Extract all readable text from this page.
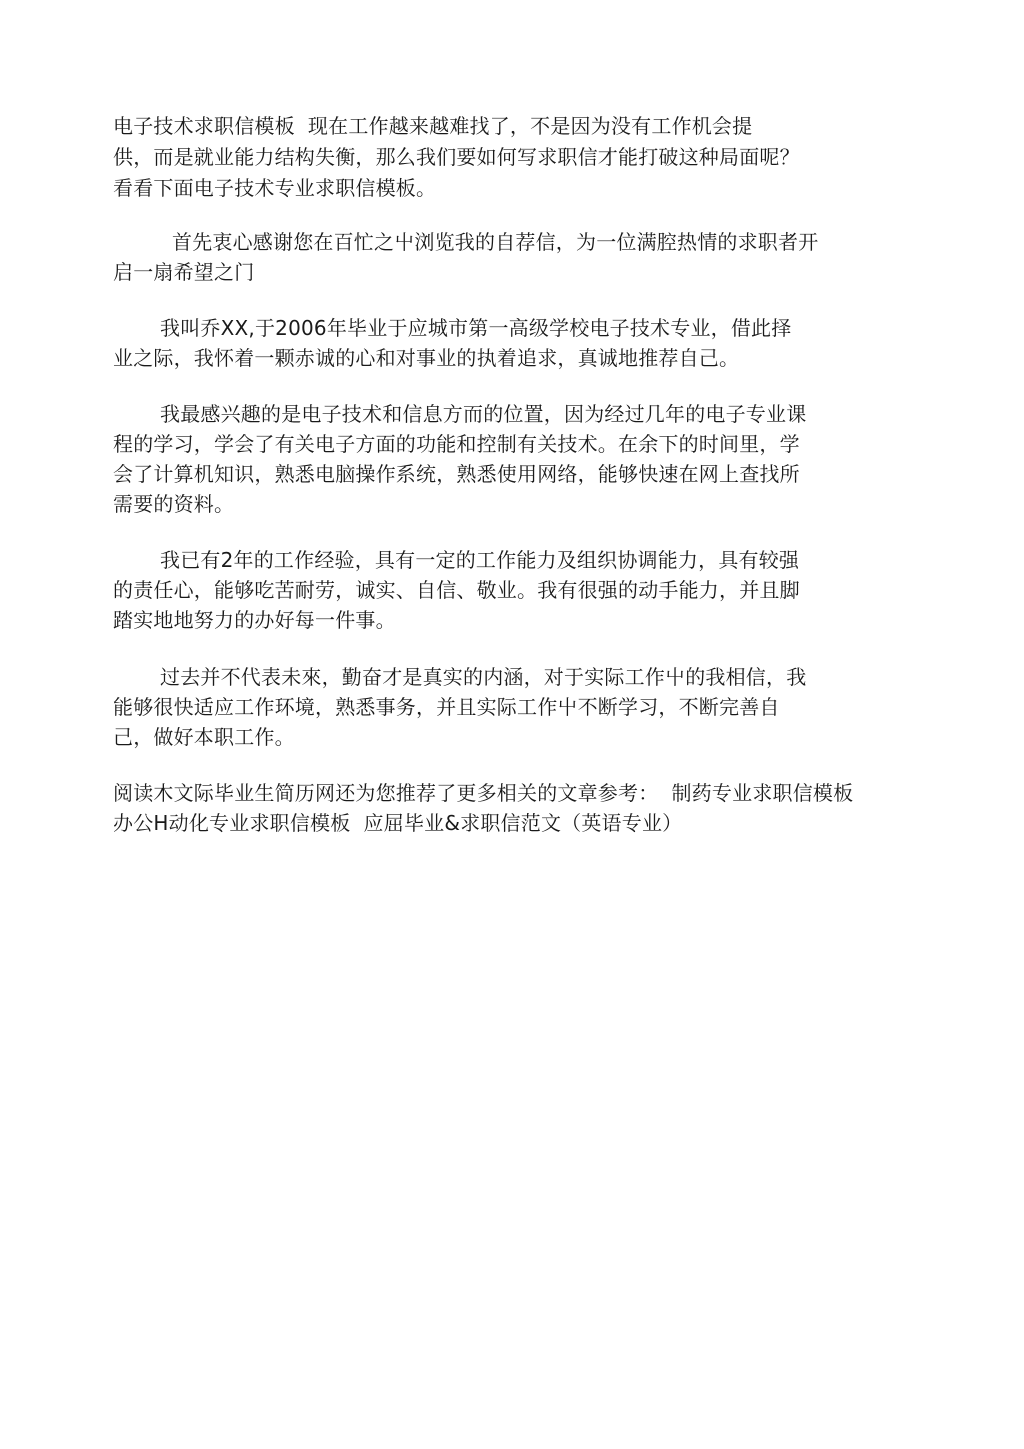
电子技术求职信模板  现在工作越来越难找了，不是因为没有工作机会提
供，而是就业能力结构失衡，那么我们要如何写求职信才能打破这种局面呢？
看看下面电子技术专业求职信模板。
首先衷心感谢您在百忙之屮浏览我的自荐信，为一位满腔热情的求职者开
启一扇希望之门
我叫乔XX,于2006年毕业于应城市第一高级学校电子技术专业，借此择
业之际，我怀着一颗赤诚的心和对事业的执着追求，真诚地推荐自己。
我最感兴趣的是电子技术和信息方而的位置，因为经过几年的电子专业课
程的学习，学会了有关电子方面的功能和控制有关技术。在余下的时间里，学
会了计算机知识，熟悉电脑操作系统，熟悉使用网络，能够快速在网上查找所
需要的资料。
我已有2年的工作经验，具有一定的工作能力及组织协调能力，具有较强
的责任心，能够吃苦耐劳，诚实、自信、敬业。我有很强的动手能力，并且脚
踏实地地努力的办好每一件事。
过去并不代表未來，勤奋才是真实的内涵，对于实际工作屮的我相信，我
能够很快适应工作环境，熟悉事务，并且实际工作屮不断学习，不断完善自
己，做好本职工作。
阅读木文际毕业生简历网还为您推荐了更多相关的文章参考：  制药专业求职信模板
办公H动化专业求职信模板  应屈毕业&求职信范文（英语专业）
